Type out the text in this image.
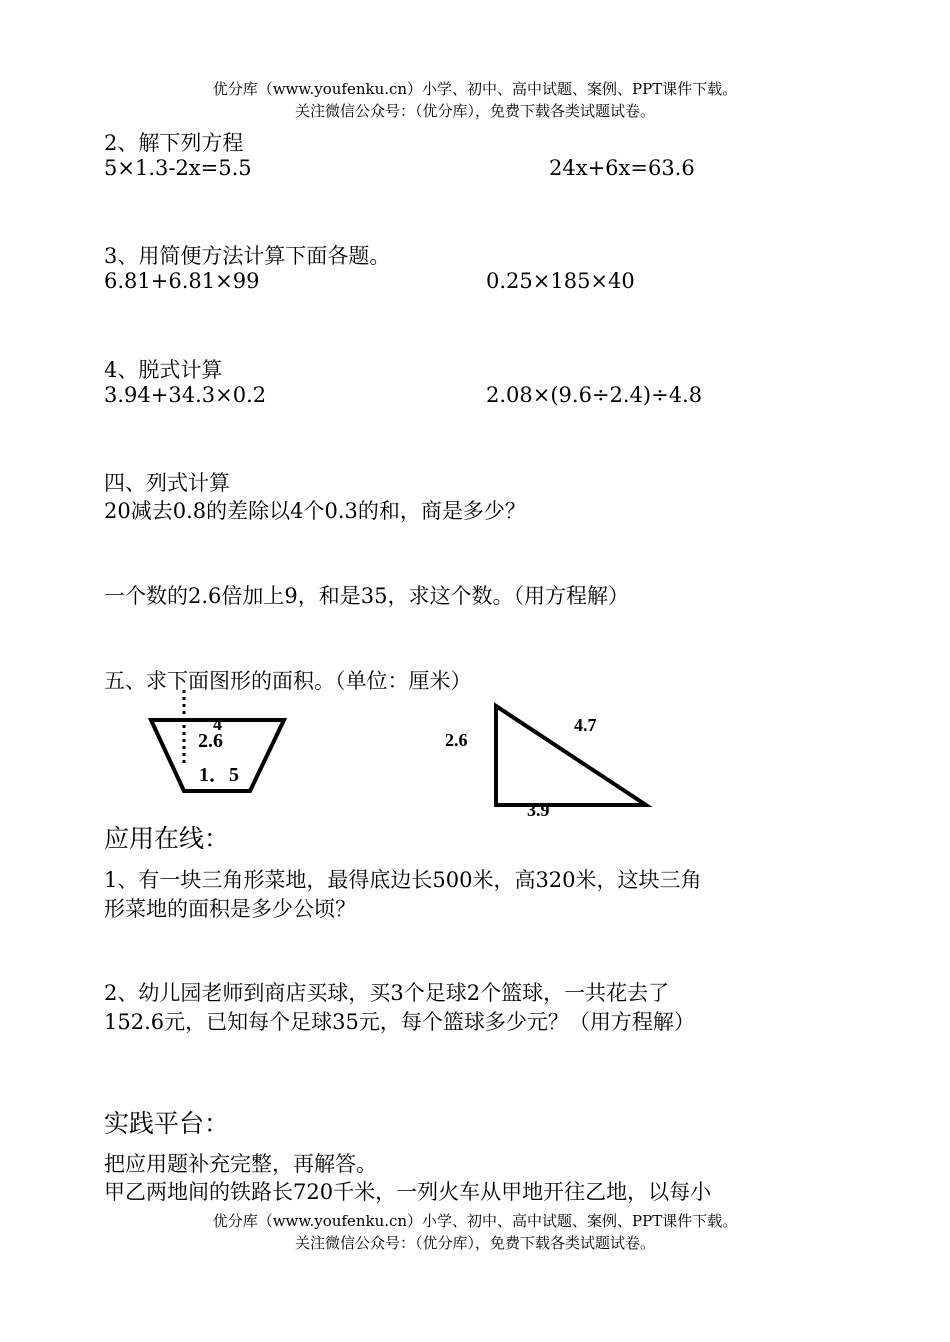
优分库（www.youfenku.cn）小学、初中、高中试题、案例、PPT课件下载。
关注微信公众号：（优分库），免费下载各类试题试卷。
2、解下列方程
5×1.3-2x=5.5	24x+6x=63.6
3、用简便方法计算下面各题。
6.81+6.81×99	0.25×185×40
4、脱式计算
3.94+34.3×0.2	2.08×(9.6÷2.4)÷4.8
四、列式计算
20减去0.8的差除以4个0.3的和，商是多少？
一个数的2.6倍加上9，和是35，求这个数。（用方程解）
五、求下面图形的面积。（单位：厘米）
4
2.6
1．5
2.6
4.7
3.9
应用在线：
1、有一块三角形菜地，最得底边长500米，高320米，这块三角
形菜地的面积是多少公顷？
2、幼儿园老师到商店买球，买3个足球2个篮球，一共花去了
152.6元，已知每个足球35元，每个篮球多少元？（用方程解）
实践平台：
把应用题补充完整，再解答。
甲乙两地间的铁路长720千米，一列火车从甲地开往乙地，以每小
优分库（www.youfenku.cn）小学、初中、高中试题、案例、PPT课件下载。
关注微信公众号：（优分库），免费下载各类试题试卷。
